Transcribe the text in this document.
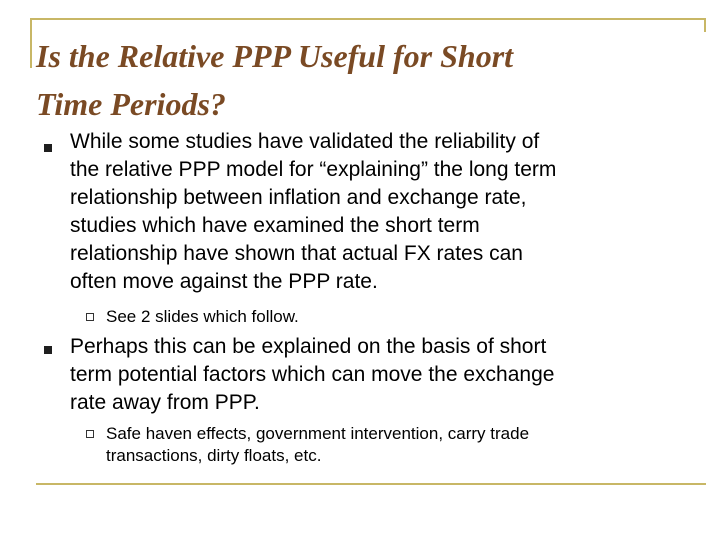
Is the Relative PPP Useful for Short
Time Periods?
While some studies have validated the reliability of
the relative PPP model for “explaining” the long term
relationship between inflation and exchange rate,
studies which have examined the short term
relationship have shown that actual FX rates can
often move against the PPP rate.
See 2 slides which follow.
Perhaps this can be explained on the basis of short
term potential factors which can move the exchange
rate away from PPP.
Safe haven effects, government intervention, carry trade
transactions, dirty floats, etc.
